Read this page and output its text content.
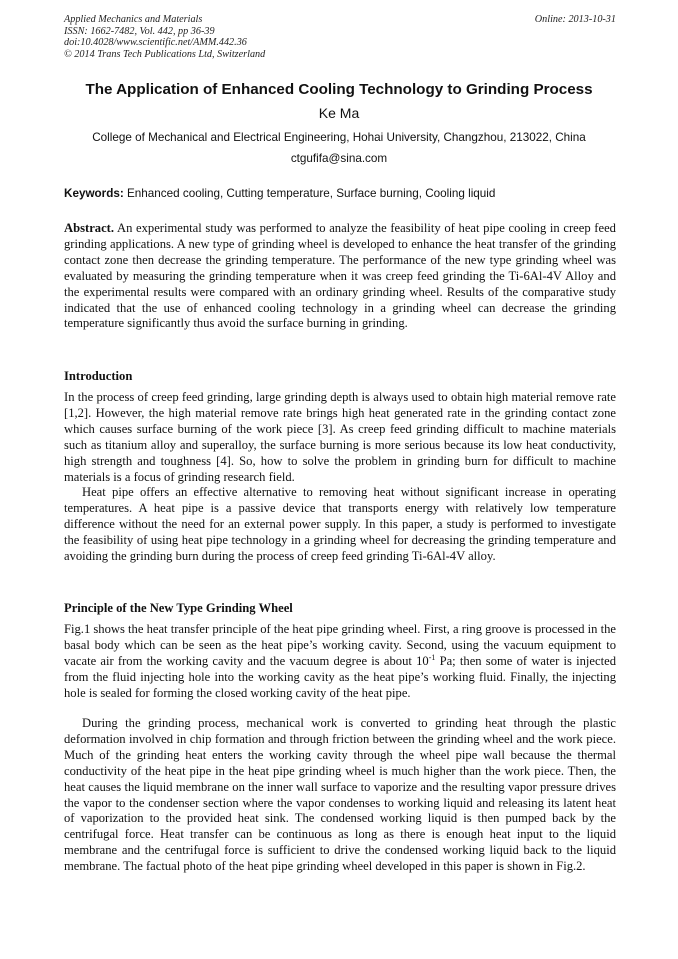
Applied Mechanics and Materials
ISSN: 1662-7482, Vol. 442, pp 36-39
doi:10.4028/www.scientific.net/AMM.442.36
© 2014 Trans Tech Publications Ltd, Switzerland
Online: 2013-10-31
The Application of Enhanced Cooling Technology to Grinding Process
Ke Ma
College of Mechanical and Electrical Engineering, Hohai University, Changzhou, 213022, China
ctgufifa@sina.com
Keywords: Enhanced cooling, Cutting temperature, Surface burning, Cooling liquid

Abstract. An experimental study was performed to analyze the feasibility of heat pipe cooling in creep feed grinding applications. A new type of grinding wheel is developed to enhance the heat transfer of the grinding contact zone then decrease the grinding temperature. The performance of the new type grinding wheel was evaluated by measuring the grinding temperature when it was creep feed grinding the Ti-6Al-4V Alloy and the experimental results were compared with an ordinary grinding wheel. Results of the comparative study indicated that the use of enhanced cooling technology in a grinding wheel can decrease the grinding temperature significantly thus avoid the surface burning in grinding.

Introduction

In the process of creep feed grinding, large grinding depth is always used to obtain high material remove rate [1,2]. However, the high material remove rate brings high heat generated rate in the grinding contact zone which causes surface burning of the work piece [3]. As creep feed grinding difficult to machine materials such as titanium alloy and superalloy, the surface burning is more serious because its low heat conductivity, high strength and toughness [4]. So, how to solve the problem in grinding burn for difficult to machine materials is a focus of grinding research field.

Heat pipe offers an effective alternative to removing heat without significant increase in operating temperatures. A heat pipe is a passive device that transports energy with relatively low temperature difference without the need for an external power supply. In this paper, a study is performed to investigate the feasibility of using heat pipe technology in a grinding wheel for decreasing the grinding temperature and avoiding the grinding burn during the process of creep feed grinding Ti-6Al-4V alloy.

Principle of the New Type Grinding Wheel

Fig.1 shows the heat transfer principle of the heat pipe grinding wheel. First, a ring groove is processed in the basal body which can be seen as the heat pipe’s working cavity. Second, using the vacuum equipment to vacate air from the working cavity and the vacuum degree is about $10^{-1}$ Pa; then some of water is injected from the fluid injecting hole into the working cavity as the heat pipe’s working fluid. Finally, the injecting hole is sealed for forming the closed working cavity of the heat pipe.

During the grinding process, mechanical work is converted to grinding heat through the plastic deformation involved in chip formation and through friction between the grinding wheel and the work piece. Much of the grinding heat enters the working cavity through the wheel pipe wall because the thermal conductivity of the heat pipe in the heat pipe grinding wheel is much higher than the work piece. Then, the heat causes the liquid membrane on the inner wall surface to vaporize and the resulting vapor pressure drives the vapor to the condenser section where the vapor condenses to working liquid and releasing its latent heat of vaporization to the provided heat sink. The condensed working liquid is then pumped back by the centrifugal force. Heat transfer can be continuous as long as there is enough heat input to the liquid membrane and the centrifugal force is sufficient to drive the condensed working liquid back to the liquid membrane. The factual photo of the heat pipe grinding wheel developed in this paper is shown in Fig.2.
